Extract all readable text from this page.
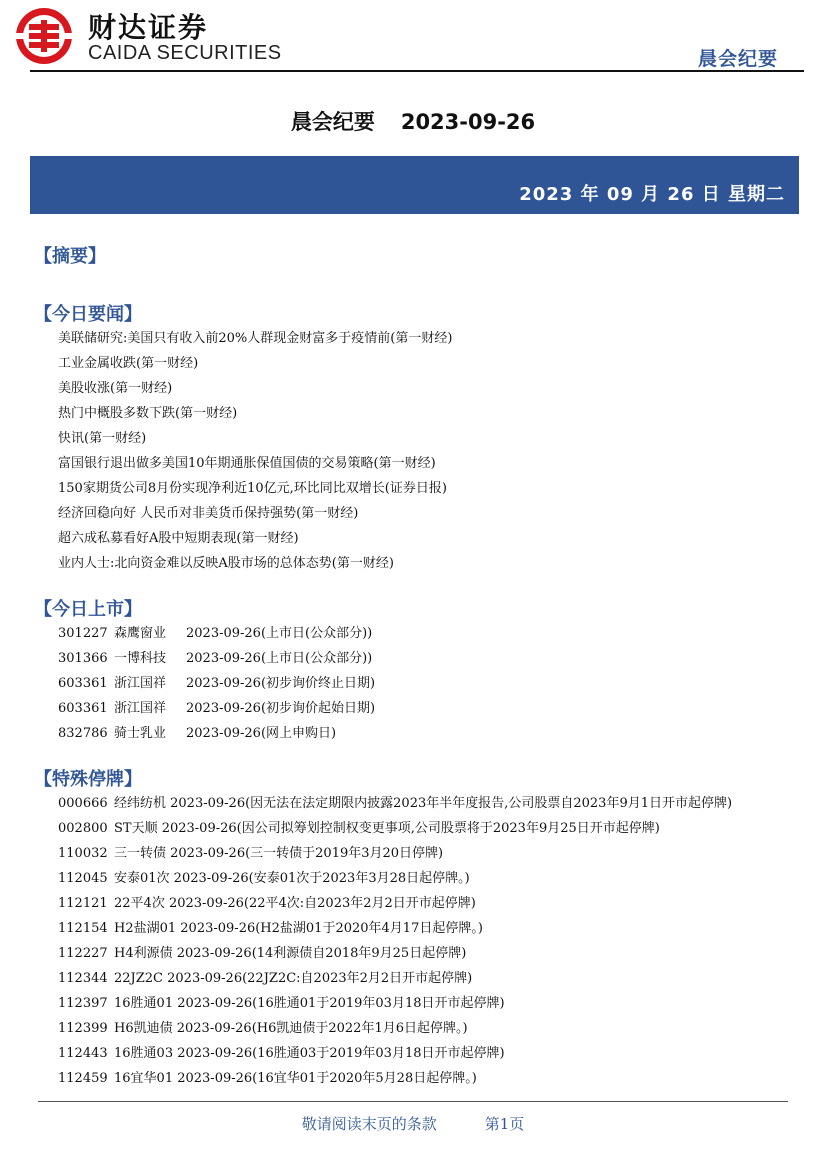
财达证券
CAIDA SECURITIES	晨会纪要
晨会纪要 2023-09-26
2023 年 09 月 26 日 星期二
【摘要】
【今日要闻】
美联储研究:美国只有收入前20%人群现金财富多于疫情前(第一财经)
工业金属收跌(第一财经)
美股收涨(第一财经)
热门中概股多数下跌(第一财经)
快讯(第一财经)
富国银行退出做多美国10年期通胀保值国债的交易策略(第一财经)
150家期货公司8月份实现净利近10亿元,环比同比双增长(证券日报)
经济回稳向好 人民币对非美货币保持强势(第一财经)
超六成私募看好A股中短期表现(第一财经)
业内人士:北向资金难以反映A股市场的总体态势(第一财经)
【今日上市】
301227 森鹰窗业 2023-09-26(上市日(公众部分))
301366 一博科技 2023-09-26(上市日(公众部分))
603361 浙江国祥 2023-09-26(初步询价终止日期)
603361 浙江国祥 2023-09-26(初步询价起始日期)
832786 骑士乳业 2023-09-26(网上申购日)
【特殊停牌】
000666 经纬纺机 2023-09-26(因无法在法定期限内披露2023年半年度报告,公司股票自2023年9月1日开市起停牌)
002800 ST天顺 2023-09-26(因公司拟筹划控制权变更事项,公司股票将于2023年9月25日开市起停牌)
110032 三一转债 2023-09-26(三一转债于2019年3月20日停牌)
112045 安泰01次 2023-09-26(安泰01次于2023年3月28日起停牌。)
112121 22平4次 2023-09-26(22平4次:自2023年2月2日开市起停牌)
112154 H2盐湖01 2023-09-26(H2盐湖01于2020年4月17日起停牌。)
112227 H4利源债 2023-09-26(14利源债自2018年9月25日起停牌)
112344 22JZ2C 2023-09-26(22JZ2C:自2023年2月2日开市起停牌)
112397 16胜通01 2023-09-26(16胜通01于2019年03月18日开市起停牌)
112399 H6凯迪债 2023-09-26(H6凯迪债于2022年1月6日起停牌。)
112443 16胜通03 2023-09-26(16胜通03于2019年03月18日开市起停牌)
112459 16宜华01 2023-09-26(16宜华01于2020年5月28日起停牌。)
敬请阅读末页的条款	第1页
